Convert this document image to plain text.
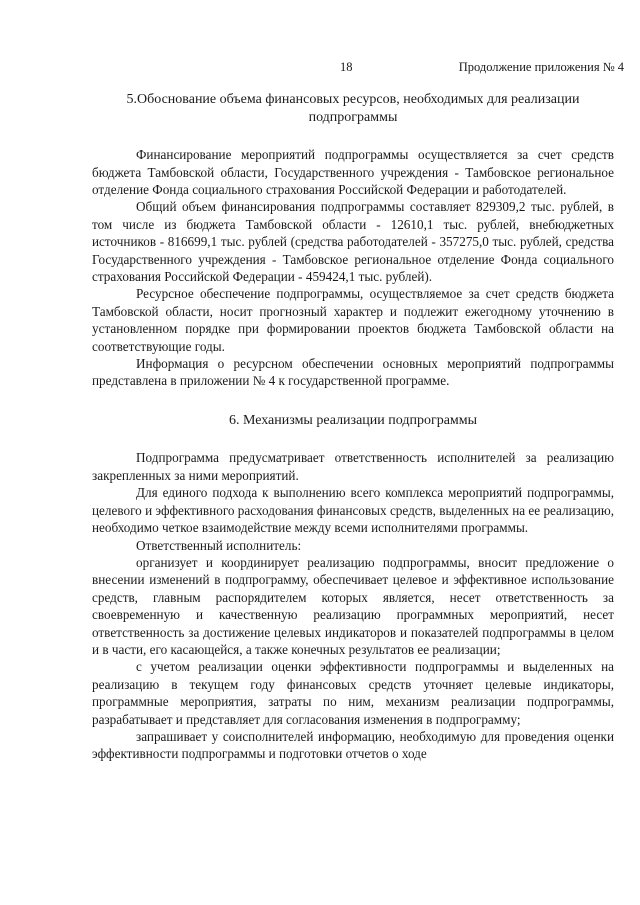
18	Продолжение приложения № 4
5.Обоснование объема финансовых ресурсов, необходимых для реализации подпрограммы

Финансирование мероприятий подпрограммы осуществляется за счет средств бюджета Тамбовской области, Государственного учреждения - Тамбовское региональное отделение Фонда социального страхования Российской Федерации и работодателей.

Общий объем финансирования подпрограммы составляет 829309,2 тыс. рублей, в том числе из бюджета Тамбовской области - 12610,1 тыс. рублей, внебюджетных источников - 816699,1 тыс. рублей (средства работодателей - 357275,0 тыс. рублей, средства Государственного учреждения - Тамбовское региональное отделение Фонда социального страхования Российской Федерации - 459424,1 тыс. рублей).

Ресурсное обеспечение подпрограммы, осуществляемое за счет средств бюджета Тамбовской области, носит прогнозный характер и подлежит ежегодному уточнению в установленном порядке при формировании проектов бюджета Тамбовской области на соответствующие годы.

Информация о ресурсном обеспечении основных мероприятий подпрограммы представлена в приложении № 4 к государственной программе.

6. Механизмы реализации подпрограммы

Подпрограмма предусматривает ответственность исполнителей за реализацию закрепленных за ними мероприятий.

Для единого подхода к выполнению всего комплекса мероприятий подпрограммы, целевого и эффективного расходования финансовых средств, выделенных на ее реализацию, необходимо четкое взаимодействие между всеми исполнителями программы.

Ответственный исполнитель:

организует и координирует реализацию подпрограммы, вносит предложение о внесении изменений в подпрограмму, обеспечивает целевое и эффективное использование средств, главным распорядителем которых является, несет ответственность за своевременную и качественную реализацию программных мероприятий, несет ответственность за достижение целевых индикаторов и показателей подпрограммы в целом и в части, его касающейся, а также конечных результатов ее реализации;

с учетом реализации оценки эффективности подпрограммы и выделенных на реализацию в текущем году финансовых средств уточняет целевые индикаторы, программные мероприятия, затраты по ним, механизм реализации подпрограммы, разрабатывает и представляет для согласования изменения в подпрограмму;

запрашивает у соисполнителей информацию, необходимую для проведения оценки эффективности подпрограммы и подготовки отчетов о ходе
